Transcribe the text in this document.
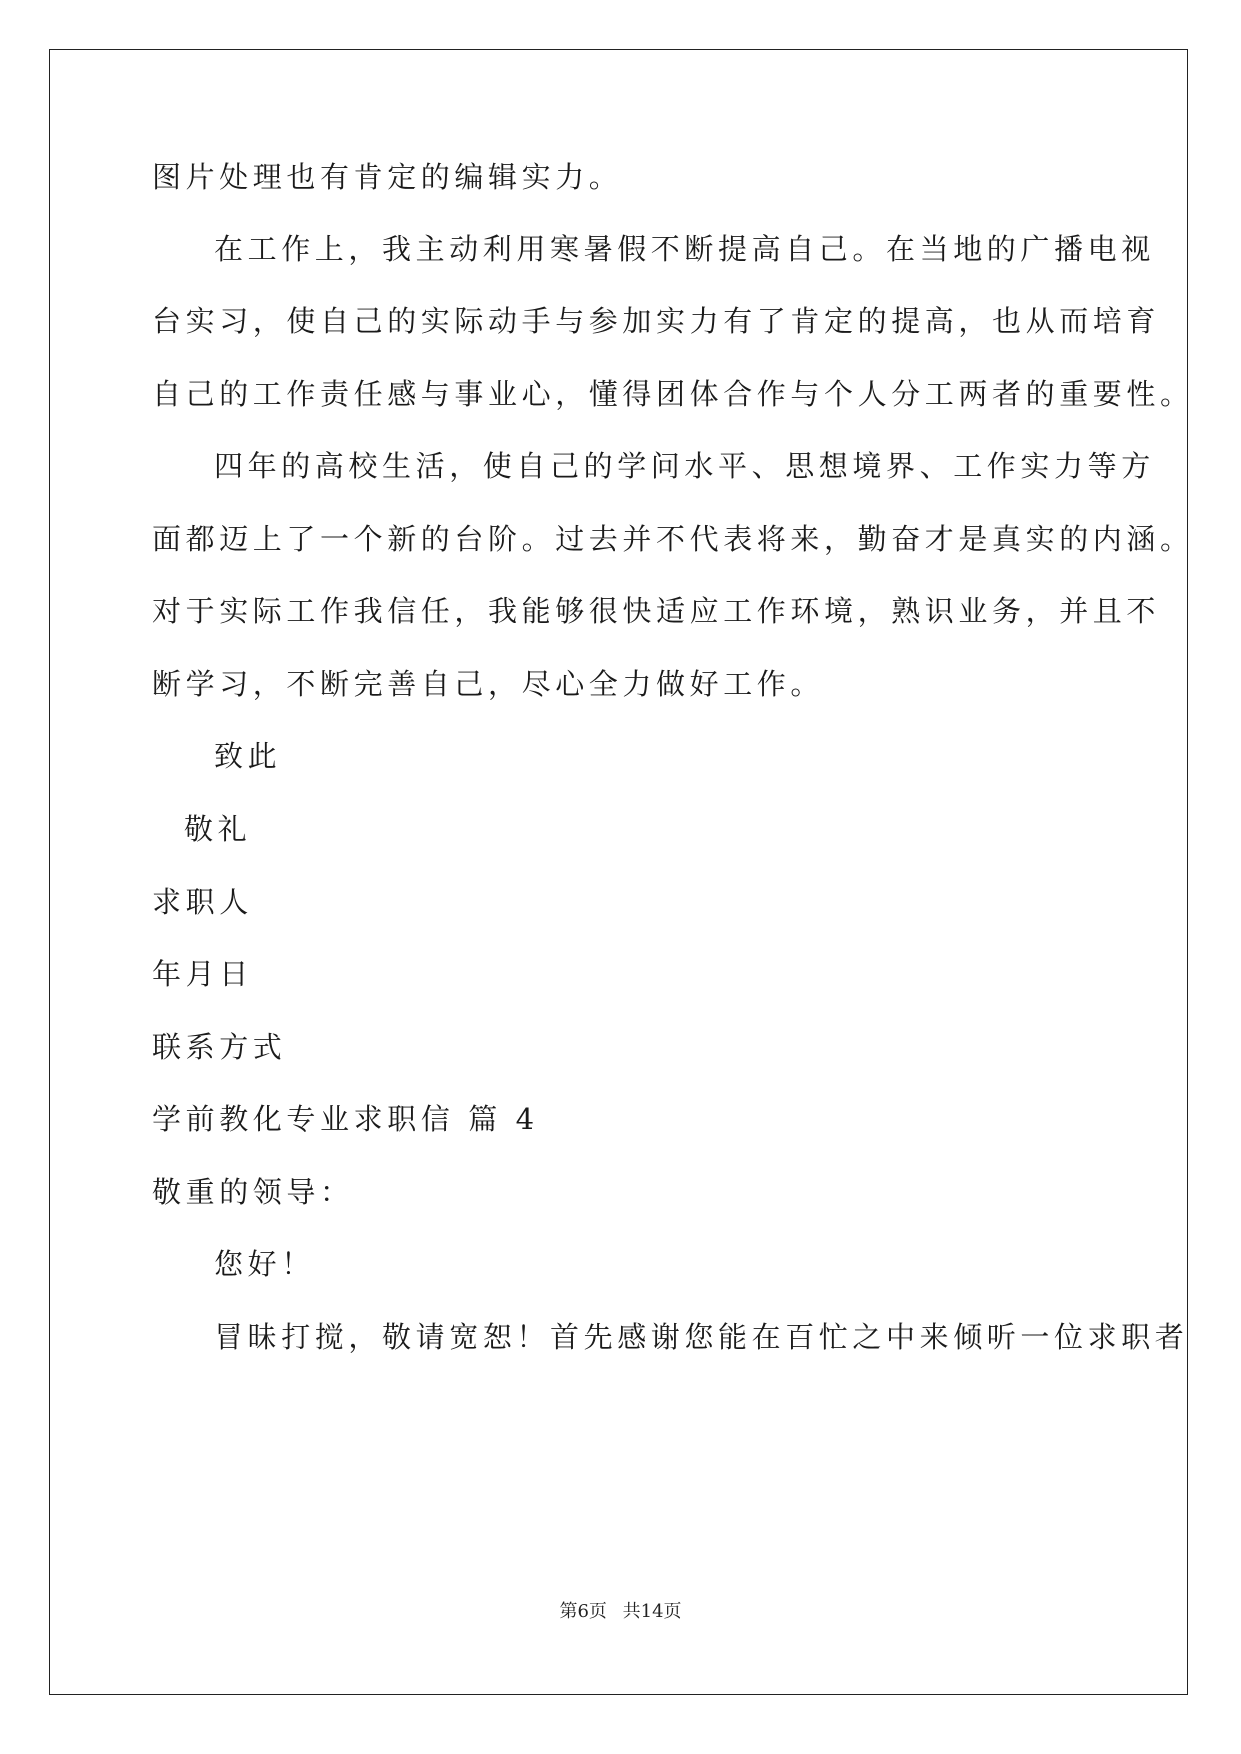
图片处理也有肯定的编辑实力。
在工作上，我主动利用寒暑假不断提高自己。在当地的广播电视
台实习，使自己的实际动手与参加实力有了肯定的提高，也从而培育
自己的工作责任感与事业心，懂得团体合作与个人分工两者的重要性。
四年的高校生活，使自己的学问水平、思想境界、工作实力等方
面都迈上了一个新的台阶。过去并不代表将来，勤奋才是真实的内涵。
对于实际工作我信任，我能够很快适应工作环境，熟识业务，并且不
断学习，不断完善自己，尽心全力做好工作。
致此
敬礼
求职人
年月日
联系方式
学前教化专业求职信 篇 4
敬重的领导：
您好！
冒昧打搅，敬请宽恕！首先感谢您能在百忙之中来倾听一位求职者
第6页 共14页
